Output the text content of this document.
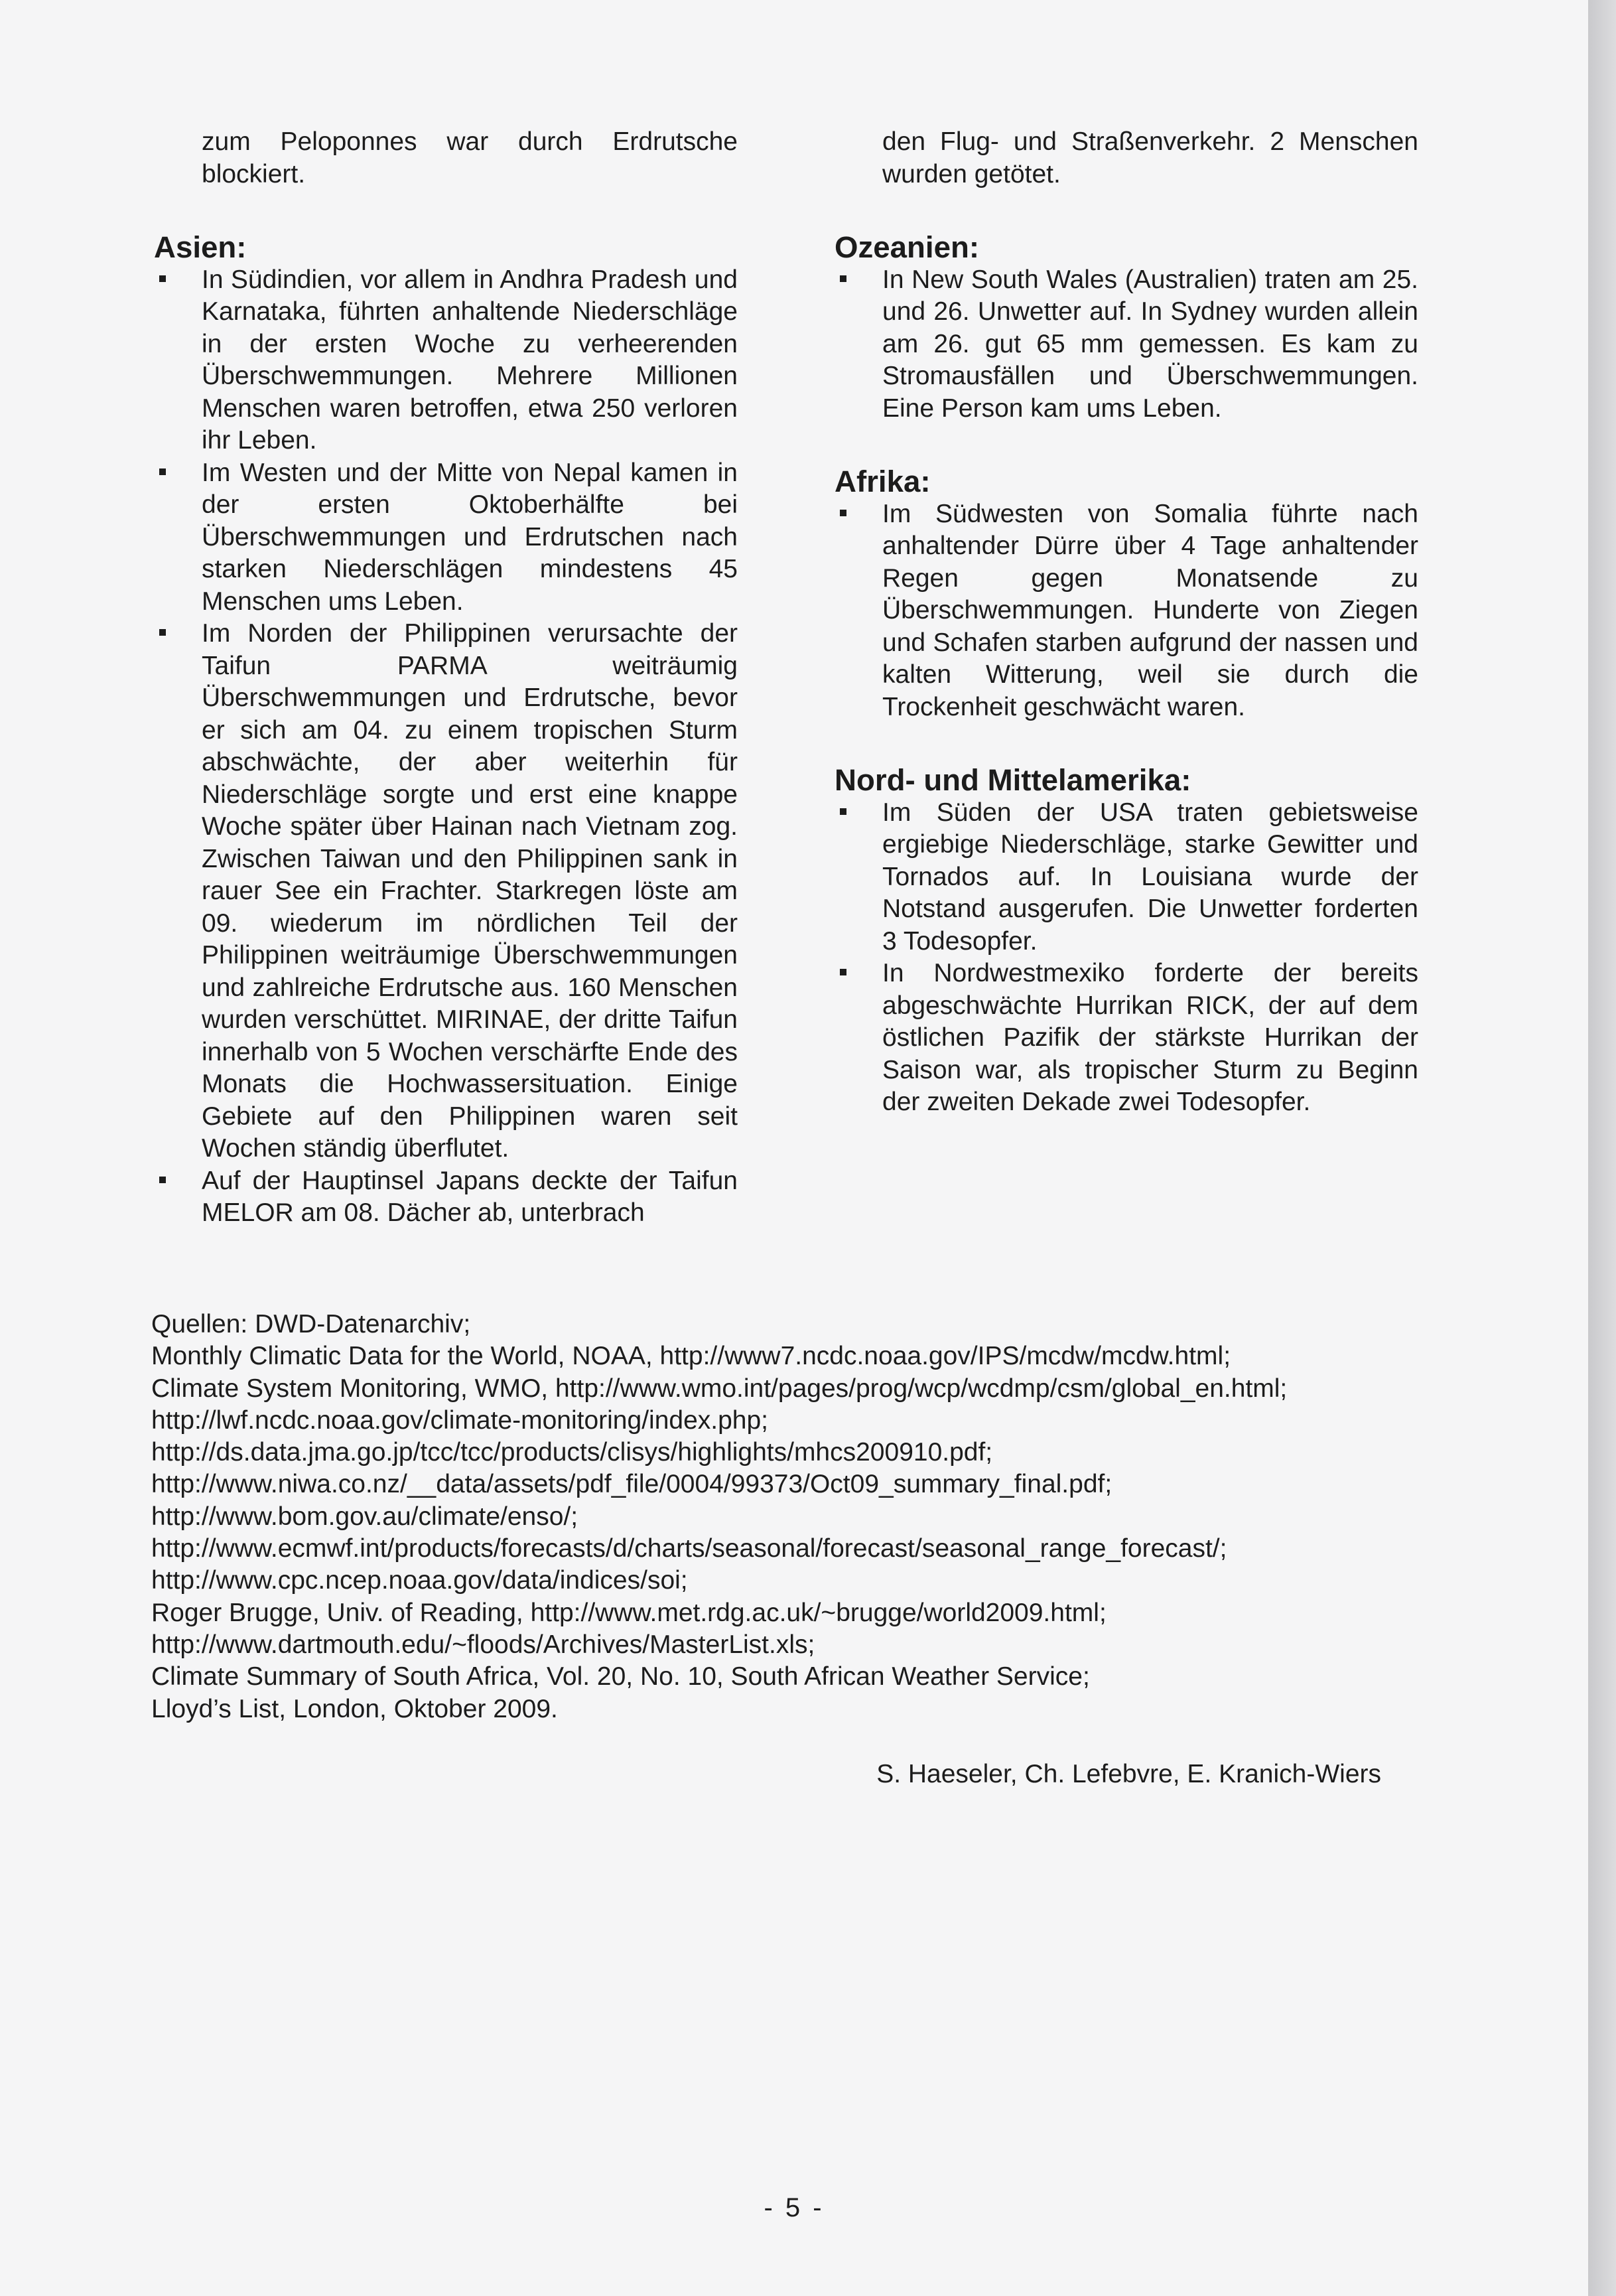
zum Peloponnes war durch Erdrutsche blockiert.

Asien:
In Südindien, vor allem in Andhra Pradesh und Karnataka, führten anhaltende Niederschläge in der ersten Woche zu verheerenden Überschwemmungen. Mehrere Millionen Menschen waren betroffen, etwa 250 verloren ihr Leben.
Im Westen und der Mitte von Nepal kamen in der ersten Oktoberhälfte bei Überschwemmungen und Erdrutschen nach starken Niederschlägen mindestens 45 Menschen ums Leben.
Im Norden der Philippinen verursachte der Taifun PARMA weiträumig Überschwemmungen und Erdrutsche, bevor er sich am 04. zu einem tropischen Sturm abschwächte, der aber weiterhin für Niederschläge sorgte und erst eine knappe Woche später über Hainan nach Vietnam zog. Zwischen Taiwan und den Philippinen sank in rauer See ein Frachter. Starkregen löste am 09. wiederum im nördlichen Teil der Philippinen weiträumige Überschwemmungen und zahlreiche Erdrutsche aus. 160 Menschen wurden verschüttet. MIRINAE, der dritte Taifun innerhalb von 5 Wochen verschärfte Ende des Monats die Hochwassersituation. Einige Gebiete auf den Philippinen waren seit Wochen ständig überflutet.
Auf der Hauptinsel Japans deckte der Taifun MELOR am 08. Dächer ab, unterbrach

den Flug- und Straßenverkehr. 2 Menschen wurden getötet.

Ozeanien:
In New South Wales (Australien) traten am 25. und 26. Unwetter auf. In Sydney wurden allein am 26. gut 65 mm gemessen. Es kam zu Stromausfällen und Überschwemmungen. Eine Person kam ums Leben.
Afrika:
Im Südwesten von Somalia führte nach anhaltender Dürre über 4 Tage anhaltender Regen gegen Monatsende zu Überschwemmungen. Hunderte von Ziegen und Schafen starben aufgrund der nassen und kalten Witterung, weil sie durch die Trockenheit geschwächt waren.
Nord- und Mittelamerika:
Im Süden der USA traten gebietsweise ergiebige Niederschläge, starke Gewitter und Tornados auf. In Louisiana wurde der Notstand ausgerufen. Die Unwetter forderten 3 Todesopfer.
In Nordwestmexiko forderte der bereits abgeschwächte Hurrikan RICK, der auf dem östlichen Pazifik der stärkste Hurrikan der Saison war, als tropischer Sturm zu Beginn der zweiten Dekade zwei Todesopfer.
Quellen: DWD-Datenarchiv;
Monthly Climatic Data for the World, NOAA, http://www7.ncdc.noaa.gov/IPS/mcdw/mcdw.html;
Climate System Monitoring, WMO, http://www.wmo.int/pages/prog/wcp/wcdmp/csm/global_en.html;
http://lwf.ncdc.noaa.gov/climate-monitoring/index.php;
http://ds.data.jma.go.jp/tcc/tcc/products/clisys/highlights/mhcs200910.pdf;
http://www.niwa.co.nz/__data/assets/pdf_file/0004/99373/Oct09_summary_final.pdf;
http://www.bom.gov.au/climate/enso/;
http://www.ecmwf.int/products/forecasts/d/charts/seasonal/forecast/seasonal_range_forecast/;
http://www.cpc.ncep.noaa.gov/data/indices/soi;
Roger Brugge, Univ. of Reading, http://www.met.rdg.ac.uk/~brugge/world2009.html;
http://www.dartmouth.edu/~floods/Archives/MasterList.xls;
Climate Summary of South Africa, Vol. 20, No. 10, South African Weather Service;
Lloyd’s List, London, Oktober 2009.
S. Haeseler, Ch. Lefebvre, E. Kranich-Wiers
- 5 -
